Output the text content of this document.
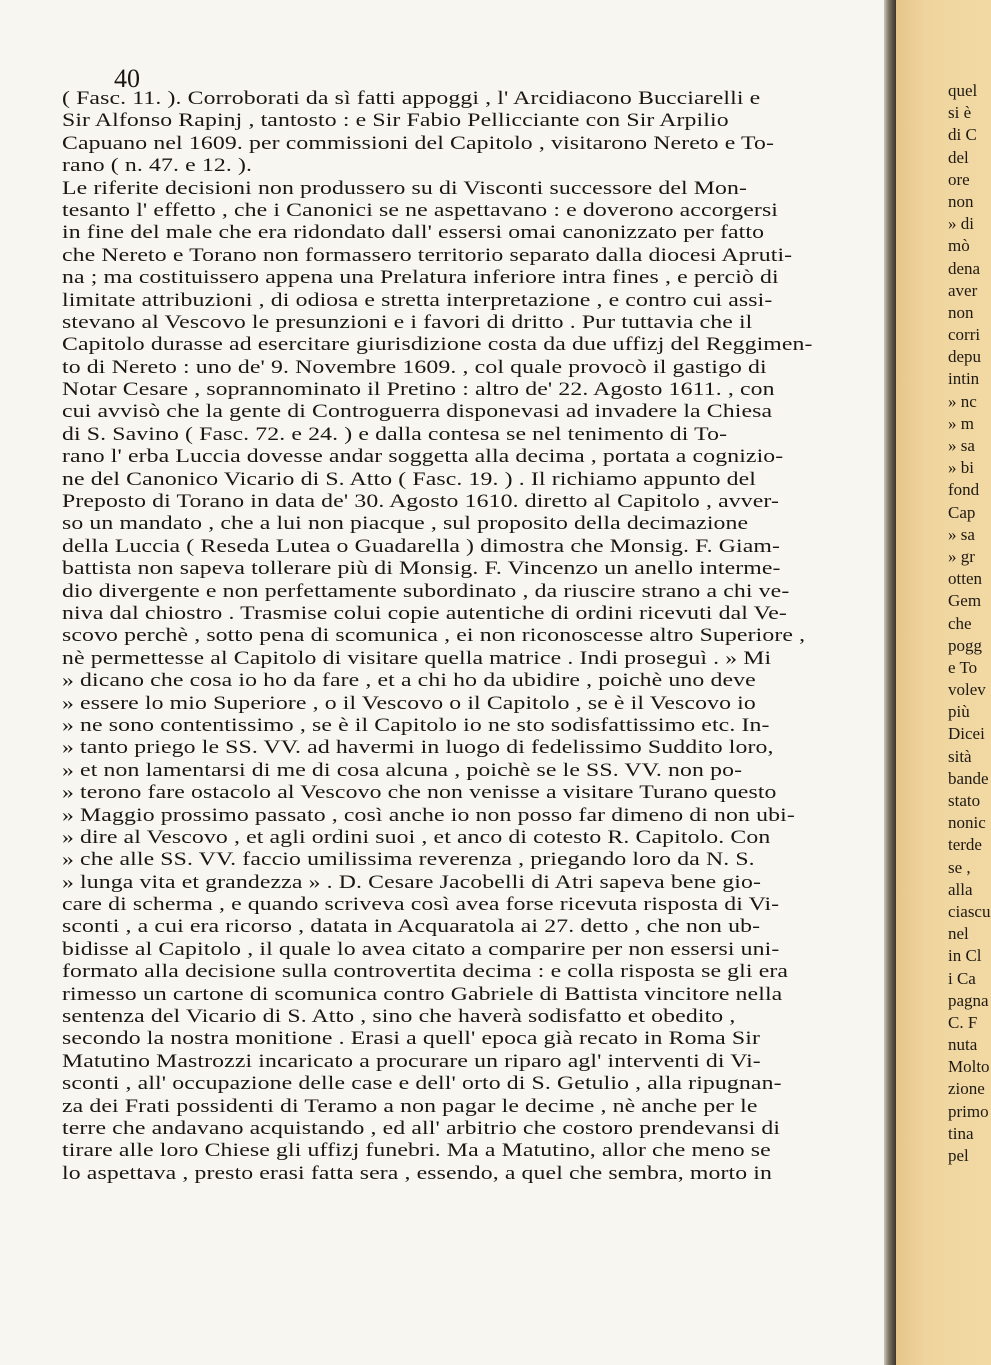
40
( Fasc. 11. ). Corroborati da sì fatti appoggi , l' Arcidiacono Bucciarelli e
Sir Alfonso Rapinj , tantosto : e Sir Fabio Pellicciante con Sir Arpilio
Capuano nel 1609. per commissioni del Capitolo , visitarono Nereto e To-
rano ( n. 47. e 12. ).
Le riferite decisioni non produssero su di Visconti successore del Mon-
tesanto l' effetto , che i Canonici se ne aspettavano : e doverono accorgersi
in fine del male che era ridondato dall' essersi omai canonizzato per fatto
che Nereto e Torano non formassero territorio separato dalla diocesi Apruti-
na ; ma costituissero appena una Prelatura inferiore intra fines , e perciò di
limitate attribuzioni , di odiosa e stretta interpretazione , e contro cui assi-
stevano al Vescovo le presunzioni e i favori di dritto . Pur tuttavia che il
Capitolo durasse ad esercitare giurisdizione costa da due uffizj del Reggimen-
to di Nereto : uno de' 9. Novembre 1609. , col quale provocò il gastigo di
Notar Cesare , soprannominato il Pretino : altro de' 22. Agosto 1611. , con
cui avvisò che la gente di Controguerra disponevasi ad invadere la Chiesa
di S. Savino ( Fasc. 72. e 24. ) e dalla contesa se nel tenimento di To-
rano l' erba Luccia dovesse andar soggetta alla decima , portata a cognizio-
ne del Canonico Vicario di S. Atto ( Fasc. 19. ) . Il richiamo appunto del
Preposto di Torano in data de' 30. Agosto 1610. diretto al Capitolo , avver-
so un mandato , che a lui non piacque , sul proposito della decimazione
della Luccia ( Reseda Lutea o Guadarella ) dimostra che Monsig. F. Giam-
battista non sapeva tollerare più di Monsig. F. Vincenzo un anello interme-
dio divergente e non perfettamente subordinato , da riuscire strano a chi ve-
niva dal chiostro . Trasmise colui copie autentiche di ordini ricevuti dal Ve-
scovo perchè , sotto pena di scomunica , ei non riconoscesse altro Superiore ,
nè permettesse al Capitolo di visitare quella matrice . Indi proseguì . » Mi
» dicano che cosa io ho da fare , et a chi ho da ubidire , poichè uno deve
» essere lo mio Superiore , o il Vescovo o il Capitolo , se è il Vescovo io
» ne sono contentissimo , se è il Capitolo io ne sto sodisfattissimo etc. In-
» tanto priego le SS. VV. ad havermi in luogo di fedelissimo Suddito loro,
» et non lamentarsi di me di cosa alcuna , poichè se le SS. VV. non po-
» terono fare ostacolo al Vescovo che non venisse a visitare Turano questo
» Maggio prossimo passato , così anche io non posso far dimeno di non ubi-
» dire al Vescovo , et agli ordini suoi , et anco di cotesto R. Capitolo. Con
» che alle SS. VV. faccio umilissima reverenza , priegando loro da N. S.
» lunga vita et grandezza » . D. Cesare Jacobelli di Atri sapeva bene gio-
care di scherma , e quando scriveva così avea forse ricevuta risposta di Vi-
sconti , a cui era ricorso , datata in Acquaratola ai 27. detto , che non ub-
bidisse al Capitolo , il quale lo avea citato a comparire per non essersi uni-
formato alla decisione sulla controvertita decima : e colla risposta se gli era
rimesso un cartone di scomunica contro Gabriele di Battista vincitore nella
sentenza del Vicario di S. Atto , sino che haverà sodisfatto et obedito ,
secondo la nostra monitione . Erasi a quell' epoca già recato in Roma Sir
Matutino Mastrozzi incaricato a procurare un riparo agl' interventi di Vi-
sconti , all' occupazione delle case e dell' orto di S. Getulio , alla ripugnan-
za dei Frati possidenti di Teramo a non pagar le decime , nè anche per le
terre che andavano acquistando , ed all' arbitrio che costoro prendevansi di
tirare alle loro Chiese gli uffizj funebri. Ma a Matutino, allor che meno se
lo aspettava , presto erasi fatta sera , essendo, a quel che sembra, morto in
quel
si è
di C
del
ore
non
» di
mò
dena
aver
non
corri
depu
intin
» nc
» m
» sa
» bi
fond
Cap
» sa
» gr
otten
Gem
che
pogg
e To
volev
più
Dicei
sità
bande
stato
nonic
terde
se ,
alla
ciascu
nel
in Cl
i Ca
pagna
C. F
nuta
Molto
zione
primo
tina
pel
